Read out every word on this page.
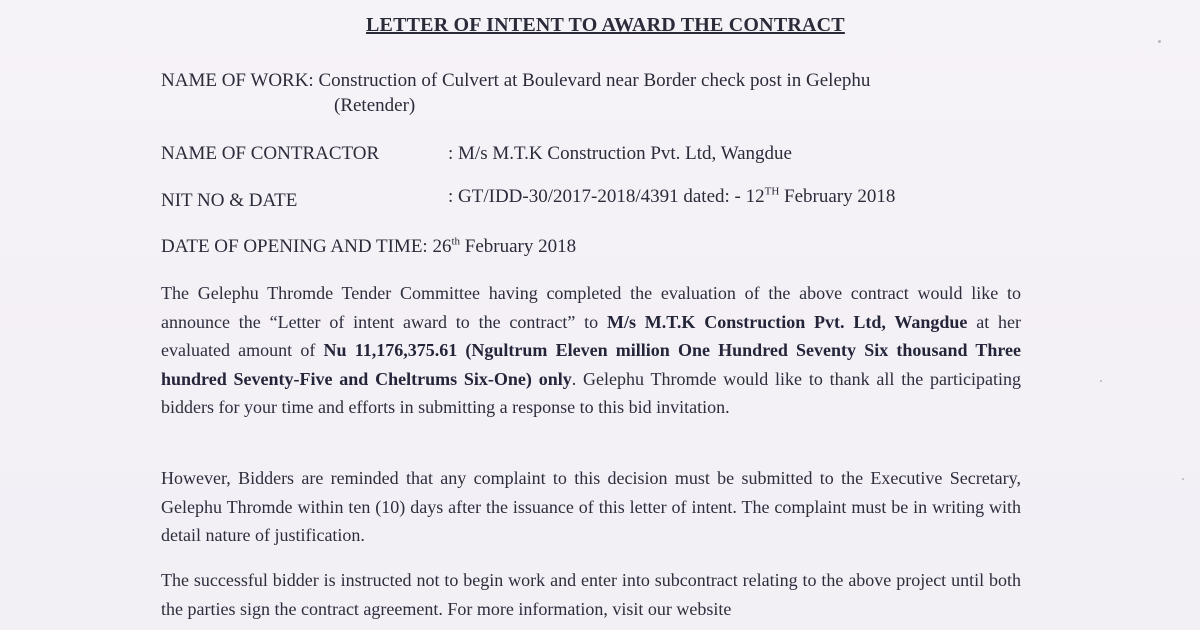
LETTER OF INTENT TO AWARD THE CONTRACT
NAME OF WORK: Construction of Culvert at Boulevard near Border check post in Gelephu
(Retender)
NAME OF CONTRACTOR	: M/s M.T.K Construction Pvt. Ltd, Wangdue
NIT NO & DATE	: GT/IDD-30/2017-2018/4391 dated: - 12TH February 2018
DATE OF OPENING AND TIME: 26th February 2018

The Gelephu Thromde Tender Committee having completed the evaluation of the above contract would like to announce the “Letter of intent award to the contract” to M/s M.T.K Construction Pvt. Ltd, Wangdue at her evaluated amount of Nu 11,176,375.61 (Ngultrum Eleven million One Hundred Seventy Six thousand Three hundred Seventy-Five and Cheltrums Six-One) only. Gelephu Thromde would like to thank all the participating bidders for your time and efforts in submitting a response to this bid invitation.

However, Bidders are reminded that any complaint to this decision must be submitted to the Executive Secretary, Gelephu Thromde within ten (10) days after the issuance of this letter of intent. The complaint must be in writing with detail nature of justification.

The successful bidder is instructed not to begin work and enter into subcontract relating to the above project until both the parties sign the contract agreement. For more information, visit our website
